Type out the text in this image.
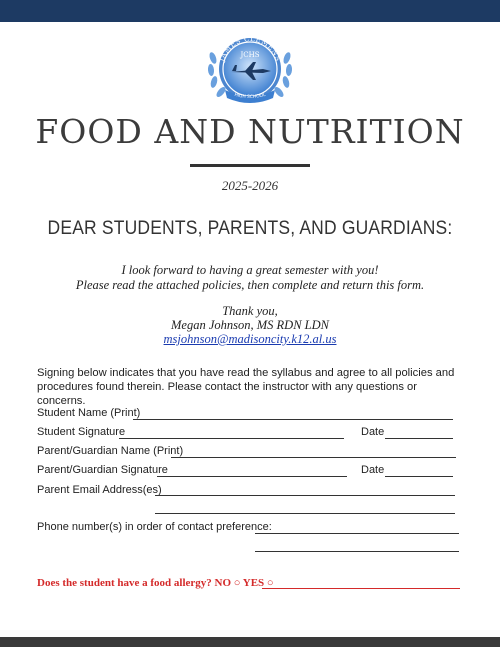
JAMES CLEMENS
JCHS
HIGH SCHOOL
FOOD AND NUTRITION
2025-2026
DEAR STUDENTS, PARENTS, AND GUARDIANS:
I look forward to having a great semester with you!
Please read the attached policies, then complete and return this form.
Thank you,
Megan Johnson, MS RDN LDN
msjohnson@madisoncity.k12.al.us
Signing below indicates that you have read the syllabus and agree to all policies and procedures found therein. Please contact the instructor with any questions or concerns.
Student Name (Print)
Student Signature	Date
Parent/Guardian Name (Print)
Parent/Guardian Signature	Date
Parent Email Address(es)
Phone number(s) in order of contact preference:
Does the student have a food allergy? NO ○ YES ○
